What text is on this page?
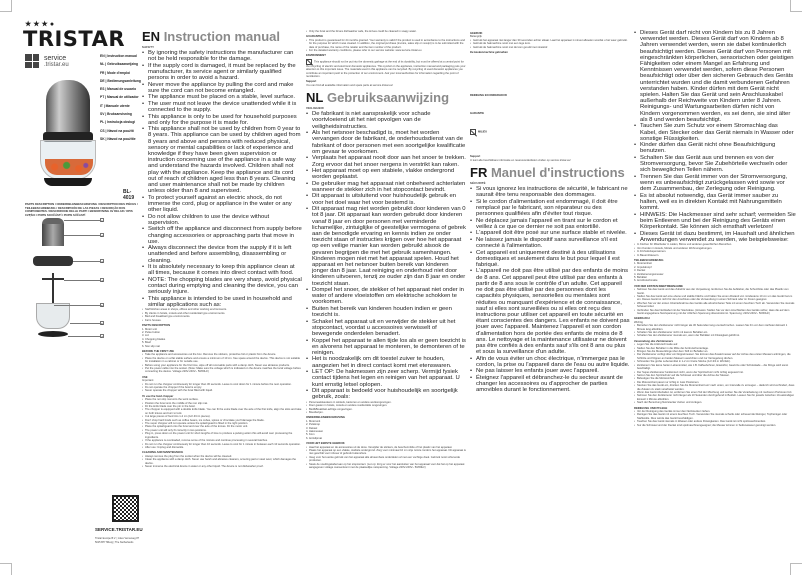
★★★●
TRISTAR
service
.tristar.eu
EN | Instruction manual
NL | Gebruiksaanwijzing
FR | Mode d'emploi
DE | Bedienungsanleitung
ES | Manual de usuario
PT | Manual de utilizador
IT | Manuale utente
SV | Bruksanvisning
PL | Instrukcja obsługi
CS | Návod na použití
SK | Návod na použitie
BL-4019
PARTS DESCRIPTION / ONDERDELENBESCHRIJVING / DESCRIPTION DES PIÈCES / TEILEBESCHREIBUNG / DESCRIPCIÓN DE LAS PIEZAS / DESCRIÇÃO DOS COMPONENTES / DESCRIZIONE DELLE PARTI / BESKRIVNING AV DELAR / OPIS CZĘŚCI / POPIS SOUČÁSTÍ / POPIS SÚČASTÍ
1
2
3
4
5
6
7
SERVICE.TRISTAR.EU
Tristar Europe B.V. | Jules Verneweg 87
5015 BH Tilburg | The Netherlands
EN Instruction manual
SAFETY
• By ignoring the safety instructions the manufacturer can not be held responsible for the damage.
• If the supply cord is damaged, it must be replaced by the manufacturer, its service agent or similarly qualified persons in order to avoid a hazard.
• Never move the appliance by pulling the cord and make sure the cord can not become entangled.
• The appliance must be placed on a stable, level surface.
• The user must not leave the device unattended while it is connected to the supply.
• This appliance is only to be used for household purposes and only for the purpose it is made for.
• This appliance shall not be used by children from 0 year to 8 years. This appliance can be used by children aged from 8 years and above and persons with reduced physical, sensory or mental capabilities or lack of experience and knowledge if they have been given supervision or instruction concerning use of the appliance in a safe way and understand the hazards involved. Children shall not play with the appliance. Keep the appliance and its cord out of reach of children aged less than 8 years. Cleaning and user maintenance shall not be made by children unless older than 8 and supervised.
• To protect yourself against an electric shock, do not immerse the cord, plug or appliance in the water or any other liquid.
• Do not allow children to use the device without supervision.
• Switch off the appliance and disconnect from supply before changing accessories or approaching parts that move in use.
• Always disconnect the device from the supply if it is left unattended and before assembling, disassembling or cleaning.
• It is absolutely necessary to keep this appliance clean at all times, because it comes into direct contact with food.
• NOTE: The chopping blades are very sharp, avoid physical contact during emptying and cleaning the device, you can seriously injure.
• This appliance is intended to be used in household and similar applications such as:
• Staff kitchen areas in shops, offices and other working environments.
• By clients in hotels, motels and other residential type environments.
• Bed and breakfast type environments.
• Farm houses.
PARTS DESCRIPTION
1. Motor unit
2. Pulse button
3. Lid
4. Chopping blades
5. Bowl
6. Non slip mat
BEFORE THE FIRST USE
• Take the appliance and accessories out the box. Remove the stickers, protective foil or plastic from the device.
• Place the device on a flat stable surface and ensure a minimum of 10 cm. free space around the device. This device is not suitable for installation in a cabinet or for outside use.
• Before using your appliance for the first time, wipe off all removable parts with a damp cloth. Never use abrasive products.
• Put the power cable into the socket. (Note: Make sure the voltage which is indicated on the device matches the local voltage before connecting the device. Voltage 220V-240V~ 50/60Hz)
USE
Important
• Do not run the chopper continuously for longer than 30 seconds. Leave to cool down for 1 minute before the next operation.
• Do not operate the chopper if the bowl is empty.
• Never operate the chopper with the bowl filled with liquid.
To use the food chopper
• Place the non slip mat onto the work surface.
• Position the bowl onto the middle of the non slip mat.
• Fit the knife blade over the pin in the bowl.
• The chopper is equipped with a double knife blade. You can fit the extra blade over the axle of the first knife, align the slots and take on both knives and turn to lock.
• Cut large pieces of food into 1-2 cm (1/2-3/4 in pieces).
• Don't chop hard foods such as coffee beans, ice cubes, spices or chocolate you'll damage the blade.
• The super chopper will not operate unless the splashguard is fitted in the right position.
• Place the splashguard onto the bowl and over the axle of the knives. Fit the motor unit.
• The power unit will only fit correctly in two positions.
• Plug in, press down on the power unit for short lengths of time to produce a pulsing action this will avoid over processing the ingredients.
• If the appliance is overloaded, remove some of the mixture and continue processing in several batches.
• Do not run the chopper continuously for longer than 10 seconds. Leave to cool for 1 minute in between each 10 seconds operation.
• After use: Unplug and dismantle.
CLEANING AND MAINTENANCE
• Always remove the plug from the socket when the device will be cleaned.
• Clean the appliance with a damp cloth. Never use harsh and abrasive cleaners, scouring pad or steel wool, which damages the device.
• Never immerse the electrical device in water or any other liquid. The device is not dishwasher proof.
• Only the bowl and the lid are dishwasher safe, the knives could be cleaned in soapy water.
GUARANTEE
• This product is guaranteed for 24 months granted. Your warranty is valid if the product is used in accordance to the instructions and for the purpose for which it was created. In addition, the original purchase (invoice, sales slip or receipt) is to be submitted with the date of purchase, the name of the retailer and the item number of the product.
• For the detailed warranty conditions, please refer to our service website: www.service.tristar.eu
ENVIRONMENT

This appliance should not be put into the domestic garbage at the end of its durability, but must be offered at a central point for the recycling of electric and electronic domestic appliances. This symbol on the appliance, instruction manual and packaging puts your attention to this important issue. The materials used in this appliance can be recycled. By recycling of used domestic appliances you contribute an important push to the protection of our environment. Ask your local authorities for information regarding the point of recollection.

Support
You can find all available information and spare parts at service.tristar.eu!
NL Gebruiksaanwijzing
VEILIGHEID
• De fabrikant is niet aansprakelijk voor schade voortvloeiend uit het niet opvolgen van de veiligheidsinstructies.
• Als het netsnoer beschadigd is, moet het worden vervangen door de fabrikant, de onderhoudsdienst van de fabrikant of door personen met een soortgelijke kwalificatie om gevaar te voorkomen.
• Verplaats het apparaat nooit door aan het snoer te trekken. Zorg ervoor dat het snoer nergens in verstrikt kan raken.
• Het apparaat moet op een stabiele, vlakke ondergrond worden geplaatst.
• De gebruiker mag het apparaat niet onbeheerd achterlaten wanneer de stekker zich in het stopcontact bevindt.
• Dit apparaat is uitsluitend voor huishoudelijk gebruik en voor het doel waar het voor bestemd is.
• Dit apparaat mag niet worden gebruikt door kinderen van 0 tot 8 jaar. Dit apparaat kan worden gebruikt door kinderen vanaf 8 jaar en door personen met verminderde lichamelijke, zintuiglijke of geestelijke vermogens of gebrek aan de benodigde ervaring en kennis indien ze onder toezicht staan of instructies krijgen over hoe het apparaat op een veilige manier kan worden gebruikt alsook de gevaren begrijpen die met het gebruik samenhangen. Kinderen mogen niet met het apparaat spelen. Houd het apparaat en het netsnoer buiten bereik van kinderen jonger dan 8 jaar. Laat reiniging en onderhoud niet door kinderen uitvoeren, tenzij ze ouder zijn dan 8 jaar en onder toezicht staan.
• Dompel het snoer, de stekker of het apparaat niet onder in water of andere vloeistoffen om elektrische schokken te voorkomen.
• Buiten het bereik van kinderen houden indien er geen toezicht is.
• Schakel het apparaat uit en verwijder de stekker uit het stopcontact, voordat u accessoires verwisselt of bewegende onderdelen benadert.
• Koppel het apparaat te allen tijde los als er geen toezicht is en alvorens het apparaat te monteren, te demonteren of te reinigen.
• Het is noodzakelijk om dit toestel zuiver te houden, aangezien het in direct contact komt met etenswaren.
• LET OP: De hakmessen zijn zeer scherp. Vermijd fysiek contact tijdens het legen en reinigen van het apparaat. U kunt ernstig letsel oplopen.
• Dit apparaat is bedoeld voor huishoudelijk en soortgelijk gebruik, zoals:
• Personeelskeukens in winkels, kantoren en andere werkomgevingen.
• Door gasten in hotels, motels en andere residentiële omgevingen.
• Bed&Breakfast-achtige omgevingen.
• Boerderijen.
ONDERDELENBESCHRIJVING
1. Motorunit
2. Pulsknop
3. Deksel
4. Hakmessen
5. Kom
6. Antislipmat
VOOR HET EERSTE GEBRUIK
• Haal het apparaat en de accessoires uit de doos. Verwijder de stickers, de beschermfolie of het plastic van het apparaat.
• Plaats het apparaat op een vlakke, stabiele ondergrond. Zorg voor minimaal 10 cm vrije ruimte rondom het apparaat. Dit apparaat is niet geschikt voor inbouw of gebruik buitenshuis.
• Veeg voor het eerste gebruik van het apparaat alle afneembare onderdelen af met een vochtige doek. Gebruik nooit schurende producten.
• Steek de voedingskabel aan op het stopcontact. (Let op: Zorg er voor het aansluiten van het apparaat voor dat het op het apparaat aangegeven voltage overeenkomt met de plaatselijke netspanning. Voltage 220V-240V~ 50/60Hz)
GEBRUIK
Belangrijk
• Gebruik het apparaat niet langer dan 30 seconden achter elkaar. Laat het apparaat 1 minuut afkoelen voordat u het weer gebruikt.
• Gebruik de hakmachine nooit met een lege kom.
• Gebruik de hakmachine nooit met de kom gevuld met vloeistof.
De keukenmachine gebruiken
REINIGING EN ONDERHOUD
GARANTIE
MILIEU
Support
U kunt alle beschikbare informatie en reserveonderdelen vinden op service.tristar.eu!
FR Manuel d'instructions
SÉCURITÉ
• Si vous ignorez les instructions de sécurité, le fabricant ne saurait être tenu responsable des dommages.
• Si le cordon d'alimentation est endommagé, il doit être remplacé par le fabricant, son réparateur ou des personnes qualifiées afin d'éviter tout risque.
• Ne déplacez jamais l'appareil en tirant sur le cordon et veillez à ce que ce dernier ne soit pas entortillé.
• L'appareil doit être posé sur une surface stable et nivelée.
• Ne laissez jamais le dispositif sans surveillance s'il est connecté à l'alimentation.
• Cet appareil est uniquement destiné à des utilisations domestiques et seulement dans le but pour lequel il est fabriqué.
• L'appareil ne doit pas être utilisé par des enfants de moins de 8 ans. Cet appareil peut être utilisé par des enfants à partir de 8 ans sous le contrôle d'un adulte. Cet appareil ne doit pas être utilisé par des personnes dont les capacités physiques, sensorielles ou mentales sont réduites ou manquant d'expérience et de connaissance, sauf si elles sont surveillées ou si elles ont reçu des instructions pour utiliser cet appareil en toute sécurité en étant conscientes des dangers. Les enfants ne doivent pas jouer avec l'appareil. Maintenez l'appareil et son cordon d'alimentation hors de portée des enfants de moins de 8 ans. Le nettoyage et la maintenance utilisateur ne doivent pas être confiés à des enfants sauf s'ils ont 8 ans ou plus et sous la surveillance d'un adulte.
• Afin de vous éviter un choc électrique, n'immergez pas le cordon, la prise ou l'appareil dans de l'eau ou autre liquide.
• Ne pas laisser les enfants jouer avec l'appareil.
• Éteignez l'appareil et débranchez-le du secteur avant de changer les accessoires ou d'approcher de parties amovibles durant le fonctionnement.
• Dieses Gerät darf nicht von Kindern bis zu 8 Jahren verwendet werden. Dieses Gerät darf von Kindern ab 8 Jahren verwendet werden, wenn sie dabei kontinuierlich beaufsichtigt werden. Dieses Gerät darf von Personen mit eingeschränkten körperlichen, sensorischen oder geistigen Fähigkeiten oder einem Mangel an Erfahrung und Kenntnissen verwendet werden, sofern diese Personen beaufsichtigt oder über den sicheren Gebrauch des Geräts unterrichtet wurden und die damit verbundenen Gefahren verstanden haben. Kinder dürfen mit dem Gerät nicht spielen. Halten Sie das Gerät und sein Anschlusskabel außerhalb der Reichweite von Kindern unter 8 Jahren. Reinigungs- und Wartungsarbeiten dürfen nicht von Kindern vorgenommen werden, es sei denn, sie sind älter als 8 und werden beaufsichtigt.
• Tauchen Sie zum Schutz vor einem Stromschlag das Kabel, den Stecker oder das Gerät niemals in Wasser oder sonstige Flüssigkeiten.
• Kinder dürfen das Gerät nicht ohne Beaufsichtigung benutzen.
• Schalten Sie das Gerät aus und trennen es von der Stromversorgung, bevor Sie Zubehörteile wechseln oder sich beweglichen Teilen nähern.
• Trennen Sie das Gerät immer von der Stromversorgung, wenn es unbeaufsichtigt zurückgelassen wird sowie vor dem Zusammenbau, der Zerlegung oder Reinigung.
• Es ist absolut notwendig, das Gerät immer sauber zu halten, weil es in direkten Kontakt mit Nahrungsmitteln kommt.
• HINWEIS: Die Hackmesser sind sehr scharf; vermeiden Sie beim Entleeren und bei der Reinigung des Geräts einen Körperkontakt. Sie können sich ernsthaft verletzen!
• Dieses Gerät ist dazu bestimmt, im Haushalt und ähnlichen Anwendungen verwendet zu werden, wie beispielsweise:
• In Küchen für Mitarbeiter in Läden, Büros und anderen gewerblichen Bereichen.
• Von Kunden in Hotels, Motels und anderen Wohnumgebungen.
• In Frühstückspensionen.
• In Bauernhäusern.
TEILEBESCHREIBUNG
1. Motoreinheit
2. Impulsknopf
3. Deckel
4. Zerkleinerungsmesser
5. Behälter
6. Anti-Rutschmatte
VOR DER ERSTEN INBETRIEBNAHME
• Nehmen Sie das Gerät und das Zubehör aus der Verpackung. Entfernen Sie die Aufkleber, die Schutzfolie oder das Plastik vom Gerät.
• Stellen Sie das Gerät auf eine ebene und stabile Fläche und halten Sie einen Abstand von mindestens 10 cm um das Gerät herum ein. Dieses Gerät ist nicht für den Anschluss oder die Verwendung in einem Schrank oder im Freien geeignet.
• Wischen Sie vor der ersten Inbetriebnahme des Geräts alle abnehmbaren Teile mit einem feuchten Tuch ab. Verwenden Sie niemals Scheuermittel.
• Verbinden Sie das Netzkabel mit der Steckdose. (Hinweis: Stellen Sie vor dem Anschließen des Geräts sicher, dass die auf dem Gerät angegebene Netzspannung mit der örtlichen Spannung übereinstimmt. Spannung: 220V-240V~ 50/60Hz)
GEBRAUCH
Wichtig
• Betreiben Sie den Zerkleinerer nicht länger als 30 Sekunden lang ununterbrochen. Lassen Sie ihn vor dem nächsten Einsatz 1 Minute lang abkühlen.
• Schalten Sie den Zerkleinerer nicht mit leerem Behälter ein.
• Schalten Sie den Zerkleinerer niemals ein, wenn der Behälter mit Flüssigkeit gefüllt ist.
Verwendung des Zerkleinerers
• Legen Sie die Antirutschmatte auf.
• Stellen Sie den Behälter in die Mitte der Antirutschunterlage.
• Bringen Sie die Messerklinge über dem Stift im Behälter an.
• Der Zerkleinerer verfügt über ein Doppelmesser. Sie können das Zusatzmesser auf der Achse des ersten Messers anbringen, die Schlitze und Nippen an beiden Messern ausrichten und zur Verriegelung drehen.
• Schneiden Sie große Lebensmittel in 1-2 cm breite Stücke (1/2-3/4 in Würfeln).
• Zerkleinern Sie keine harten Lebensmittel, wie z.B. Kaffeebohnen, Eiswürfel, Gewürze oder Schokolade – die Klinge wird sonst beschädigt.
• Der Super-Zerkleinerer funktioniert nicht, wenn der Spritzschutz nicht richtig angesetzt ist.
• Setzen Sie den Spritzschutz auf die Schüssel und über die Achse der Messer.
• Befestigen Sie die Motoreinheit.
• Die Motoreinheit passt nur richtig in zwei Positionen.
• Stecken Sie das Gerät ein, drücken Sie die Motoreinheit kurz nach unten, um Intervalle zu erzeugen – dadurch wird verhindert, dass die Zutaten zu stark verarbeitet werden.
• Wenn das Gerät überladen ist, entfernen Sie einen Teil der Mischung und setzen Sie die Verarbeitung mit mehreren Portionen fort.
• Nehmen Sie den Zerkleinerer nicht länger als 10 Sekunden durchgehend in Betrieb. Lassen Sie ihn jeweils zwischen 10-sekündigen Einsatz 1 Minute abkühlen.
• Nach der Benutzung Netzstecker ziehen und zerlegen.
REINIGUNG UND PFLEGE
• Vor der Reinigung des Geräts immer den Netzstecker ziehen.
• Reinigen Sie das Gerät mit einem feuchten Tuch. Verwenden Sie niemals scharfe oder scheuernde Reiniger, Topfreiniger oder Stahlwolle. Dies würde das Gerät beschädigen.
• Tauchen Sie das Gerät niemals in Wasser oder andere Flüssigkeiten. Das Gerät ist nicht spülmaschinenfest.
• Nur die Schüssel und der Deckel sind spülmaschinengeeignet; die Messer können in Seifenwasser gereinigt werden.
